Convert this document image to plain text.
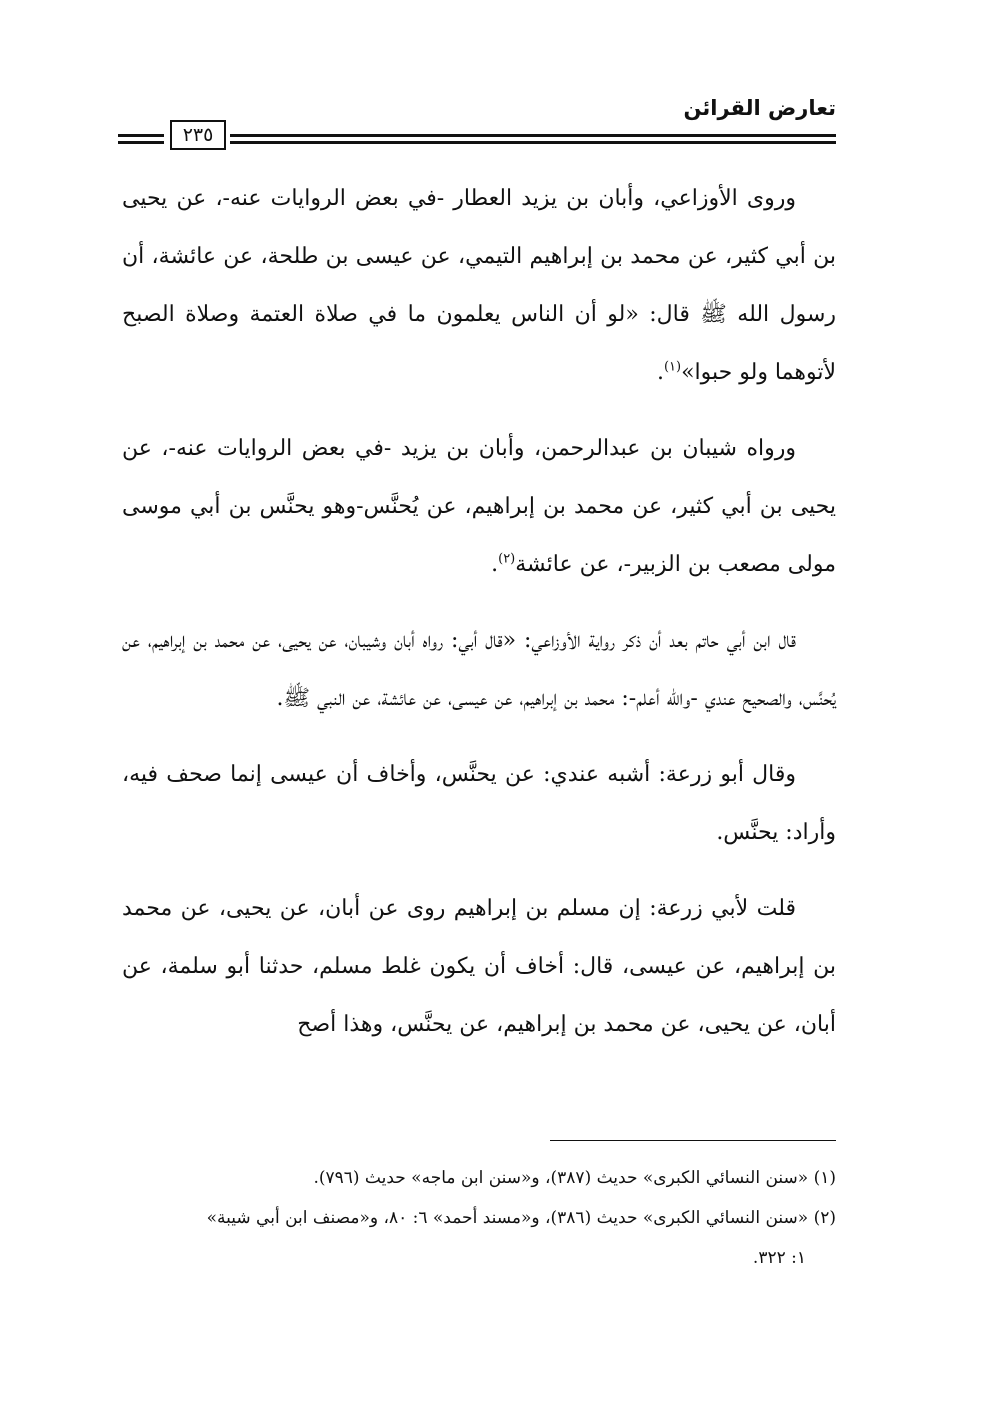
تعارض القرائن
٢٣٥

وروى الأوزاعي، وأبان بن يزيد العطار -في بعض الروايات عنه-، عن يحيى بن أبي كثير، عن محمد بن إبراهيم التيمي، عن عيسى بن طلحة، عن عائشة، أن رسول الله ﷺ قال: «لو أن الناس يعلمون ما في صلاة العتمة وصلاة الصبح لأتوهما ولو حبوا»$^{(١)}$.

ورواه شيبان بن عبدالرحمن، وأبان بن يزيد -في بعض الروايات عنه-، عن يحيى بن أبي كثير، عن محمد بن إبراهيم، عن يُحنَّس-وهو يحنَّس بن أبي موسى مولى مصعب بن الزبير-، عن عائشة$^{(٢)}$.

قال ابن أبي حاتم بعد أن ذكر رواية الأوزاعي: «قال أبي: رواه أبان وشيبان، عن يحيى، عن محمد بن إبراهيم، عن يُحنَّس، والصحيح عندي -والله أعلم-: محمد بن إبراهيم، عن عيسى، عن عائشة، عن النبي ﷺ.

وقال أبو زرعة: أشبه عندي: عن يحنَّس، وأخاف أن عيسى إنما صحف فيه، وأراد: يحنَّس.

قلت لأبي زرعة: إن مسلم بن إبراهيم روى عن أبان، عن يحيى، عن محمد بن إبراهيم، عن عيسى، قال: أخاف أن يكون غلط مسلم، حدثنا أبو سلمة، عن أبان، عن يحيى، عن محمد بن إبراهيم، عن يحنَّس، وهذا أصح

(١) «سنن النسائي الكبرى» حديث (٣٨٧)، و«سنن ابن ماجه» حديث (٧٩٦).

(٢) «سنن النسائي الكبرى» حديث (٣٨٦)، و«مسند أحمد» ٦: ٨٠، و«مصنف ابن أبي شيبة»

١: ٣٢٢.
